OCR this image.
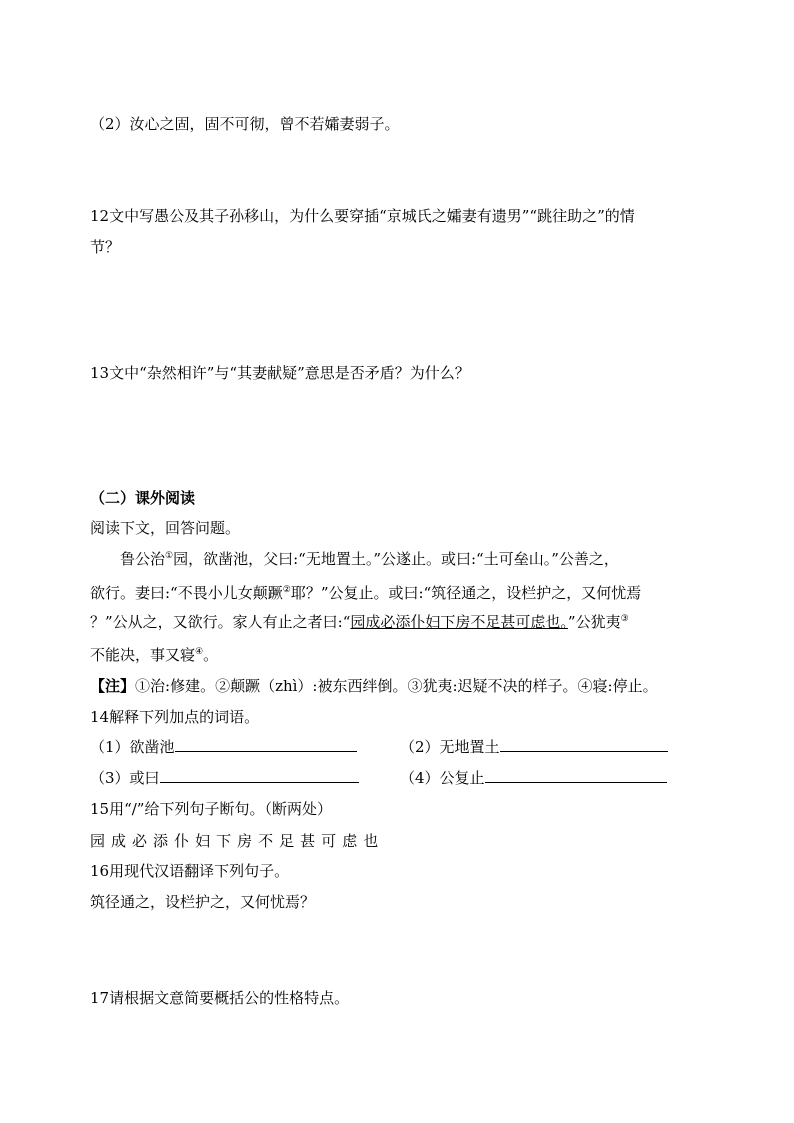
（2）汝心之固，固不可彻，曾不若孀妻弱子。
12文中写愚公及其子孙移山，为什么要穿插“京城氏之孀妻有遗男”“跳往助之”的情
节？
13文中“杂然相许”与“其妻献疑”意思是否矛盾？为什么？
（二）课外阅读
阅读下文，回答问题。
鲁公治①园，欲凿池，父曰:“无地置土。”公遂止。或曰:“土可垒山。”公善之，
欲行。妻曰:“不畏小儿女颠蹶②耶？”公复止。或曰:“筑径通之，设栏护之，又何忧焉
？”公从之，又欲行。家人有止之者曰:“园成必添仆妇下房不足甚可虑也。”公犹夷③
不能决，事又寝④。
【注】①治:修建。②颠蹶（zhì）:被东西绊倒。③犹夷:迟疑不决的样子。④寝:停止。
14解释下列加点的词语。
（1）欲凿池	（2）无地置土
（3）或曰	（4）公复止
15用“/”给下列句子断句。（断两处）
园 成 必 添 仆 妇 下 房 不 足 甚 可 虑 也
16用现代汉语翻译下列句子。
筑径通之，设栏护之，又何忧焉？
17请根据文意简要概括公的性格特点。
